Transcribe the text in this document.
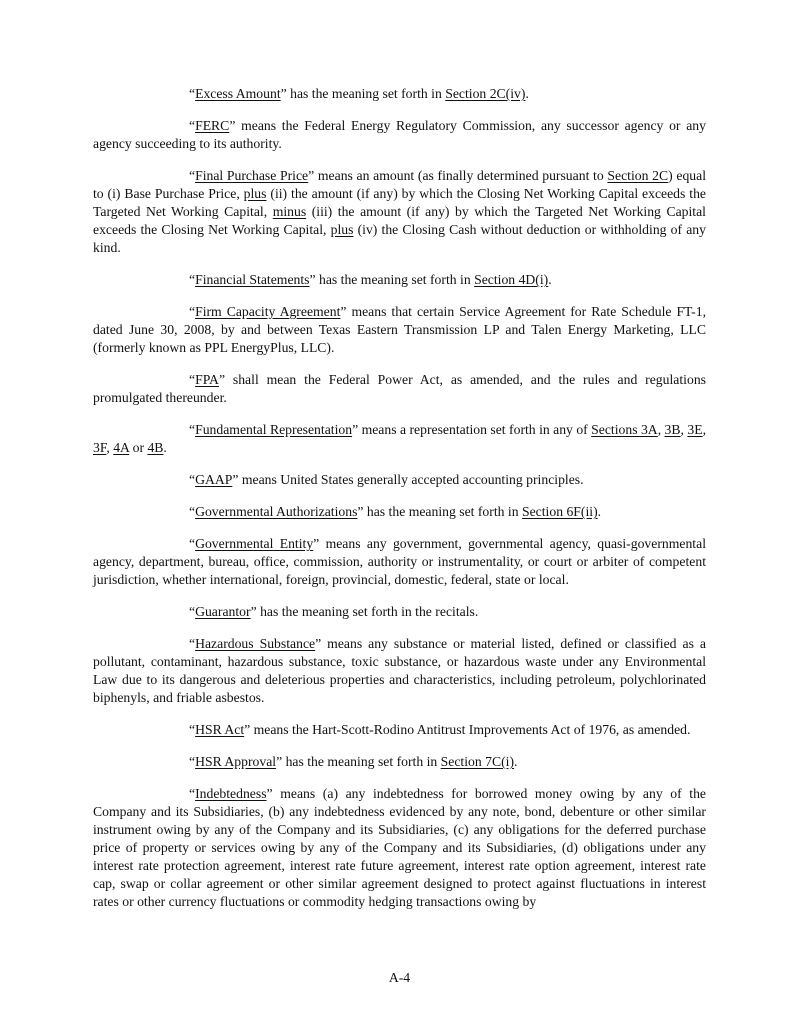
“Excess Amount” has the meaning set forth in Section 2C(iv).

“FERC” means the Federal Energy Regulatory Commission, any successor agency or any agency succeeding to its authority.

“Final Purchase Price” means an amount (as finally determined pursuant to Section 2C) equal to (i) Base Purchase Price, plus (ii) the amount (if any) by which the Closing Net Working Capital exceeds the Targeted Net Working Capital, minus (iii) the amount (if any) by which the Targeted Net Working Capital exceeds the Closing Net Working Capital, plus (iv) the Closing Cash without deduction or withholding of any kind.

“Financial Statements” has the meaning set forth in Section 4D(i).

“Firm Capacity Agreement” means that certain Service Agreement for Rate Schedule FT-1, dated June 30, 2008, by and between Texas Eastern Transmission LP and Talen Energy Marketing, LLC (formerly known as PPL EnergyPlus, LLC).

“FPA” shall mean the Federal Power Act, as amended, and the rules and regulations promulgated thereunder.

“Fundamental Representation” means a representation set forth in any of Sections 3A, 3B, 3E, 3F, 4A or 4B.

“GAAP” means United States generally accepted accounting principles.

“Governmental Authorizations” has the meaning set forth in Section 6F(ii).

“Governmental Entity” means any government, governmental agency, quasi-governmental agency, department, bureau, office, commission, authority or instrumentality, or court or arbiter of competent jurisdiction, whether international, foreign, provincial, domestic, federal, state or local.

“Guarantor” has the meaning set forth in the recitals.

“Hazardous Substance” means any substance or material listed, defined or classified as a pollutant, contaminant, hazardous substance, toxic substance, or hazardous waste under any Environmental Law due to its dangerous and deleterious properties and characteristics, including petroleum, polychlorinated biphenyls, and friable asbestos.

“HSR Act” means the Hart-Scott-Rodino Antitrust Improvements Act of 1976, as amended.

“HSR Approval” has the meaning set forth in Section 7C(i).

“Indebtedness” means (a) any indebtedness for borrowed money owing by any of the Company and its Subsidiaries, (b) any indebtedness evidenced by any note, bond, debenture or other similar instrument owing by any of the Company and its Subsidiaries, (c) any obligations for the deferred purchase price of property or services owing by any of the Company and its Subsidiaries, (d) obligations under any interest rate protection agreement, interest rate future agreement, interest rate option agreement, interest rate cap, swap or collar agreement or other similar agreement designed to protect against fluctuations in interest rates or other currency fluctuations or commodity hedging transactions owing by

A-4
